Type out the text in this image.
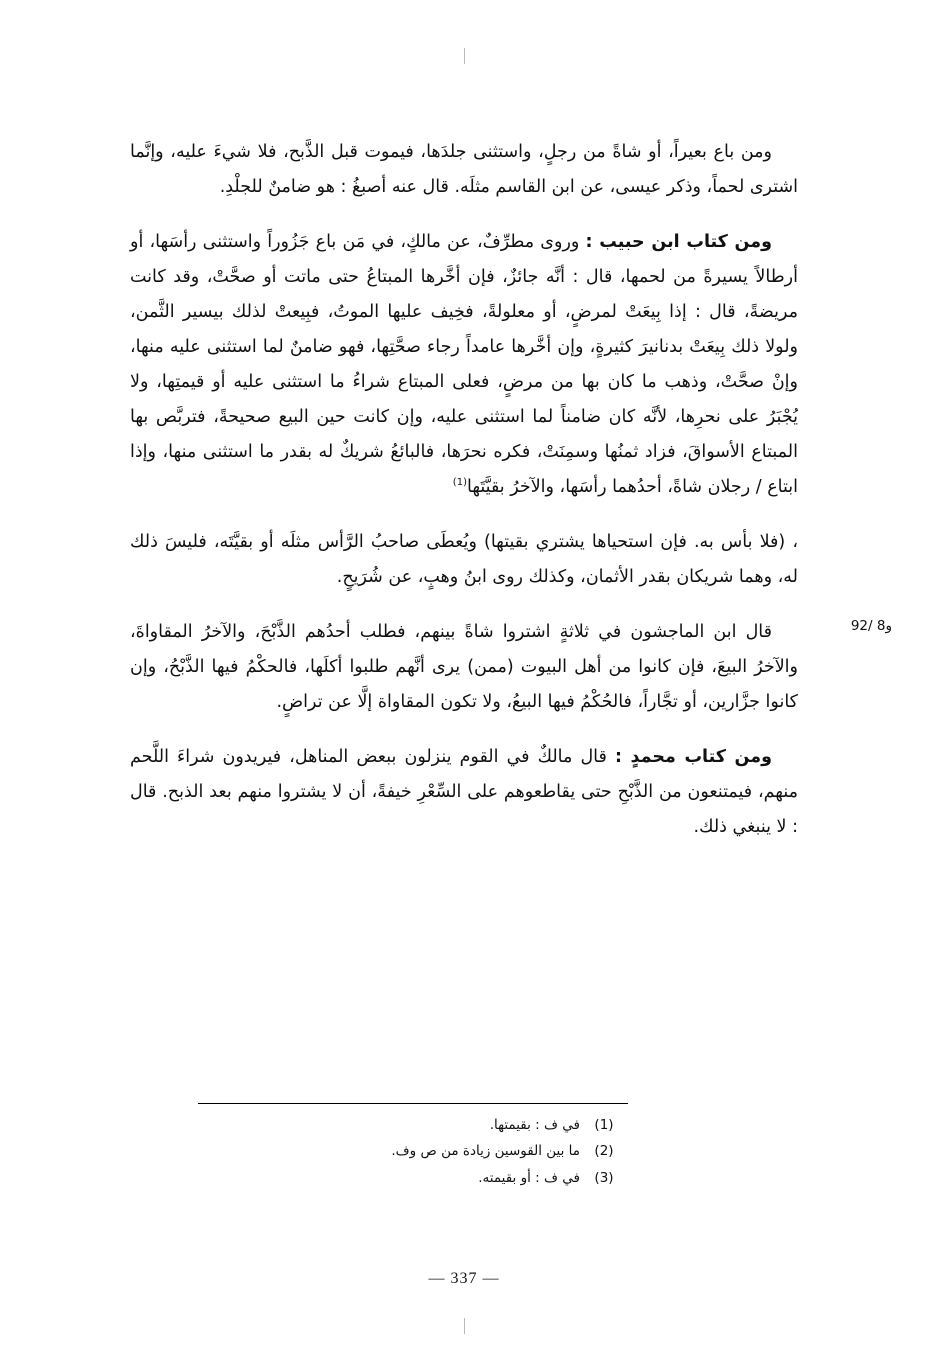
و8 /92

ومن باع بعيراً، أو شاةً من رجلٍ، واستثنى جلدَها، فيموت قبل الذَّبح، فلا شيءَ عليه، وإنَّما اشترى لحماً، وذكر عيسى، عن ابن القاسم مثلَه. قال عنه أصبغُ : هو ضامنٌ للجلْدِ.

ومن كتاب ابن حبيب : وروى مطرِّفٌ، عن مالكٍ، في مَن باع جَزُوراً واستثنى رأسَها، أو أرطالاً يسيرةً من لحمها، قال : أنَّه جائزٌ، فإن أخَّرها المبتاعُ حتى ماتت أو صحَّتْ، وقد كانت مريضةً، قال : إذا بِيعَتْ لمرضٍ، أو معلولةً، فخِيف عليها الموتُ، فبِيعتْ لذلك بيسير الثَّمن، ولولا ذلك بِيعَتْ بدنانيرَ كثيرةٍ، وإن أخَّرها عامداً رجاء صحَّتِها، فهو ضامنٌ لما استثنى عليه منها، وإنْ صحَّتْ، وذهب ما كان بها من مرضٍ، فعلى المبتاع شراءُ ما استثنى عليه أو قيمتِها، ولا يُجْبَرُ على نحرِها، لأنَّه كان ضامناً لما استثنى عليه، وإن كانت حين البيع صحيحةً، فتربَّص بها المبتاع الأسواقَ، فزاد ثمنُها وسمِنَتْ، فكره نحرَها، فالبائعُ شريكٌ له بقدر ما استثنى منها، وإذا ابتاع / رجلان شاةً، أحدُهما رأسَها، والآخرُ بقيَّتَها$^{(1)}$

، (فلا بأس به. فإن استحياها يشتري بقيتها) ويُعطَى صاحبُ الرَّأس مثلَه أو بقيَّتَه، فليسَ ذلك له، وهما شريكان بقدر الأثمان، وكذلك روى ابنُ وهبٍ، عن شُرَيحٍ.

قال ابن الماجشون في ثلاثةٍ اشتروا شاةً بينهم، فطلب أحدُهم الذَّبْحَ، والآخرُ المقاواةَ، والآخرُ البيعَ، فإن كانوا من أهل البيوت (ممن) يرى أنَّهم طلبوا أكلَها، فالحكْمُ فيها الذَّبْحُ، وإن كانوا جزَّارين، أو تجَّاراً، فالحُكْمُ فيها البيعُ، ولا تكون المقاواة إلَّا عن تراضٍ.

ومن كتاب محمدٍ : قال مالكٌ في القوم ينزلون ببعض المناهل، فيريدون شراءَ اللَّحم منهم، فيمتنعون من الذَّبْحِ حتى يقاطعوهم على السِّعْرِ خيفةً، أن لا يشتروا منهم بعد الذبح. قال : لا ينبغي ذلك.

(1)
في ف : بقيمتها.
(2)
ما بين القوسين زيادة من ص وف.
(3)
في ف : أو بقيمته.
— 337 —
